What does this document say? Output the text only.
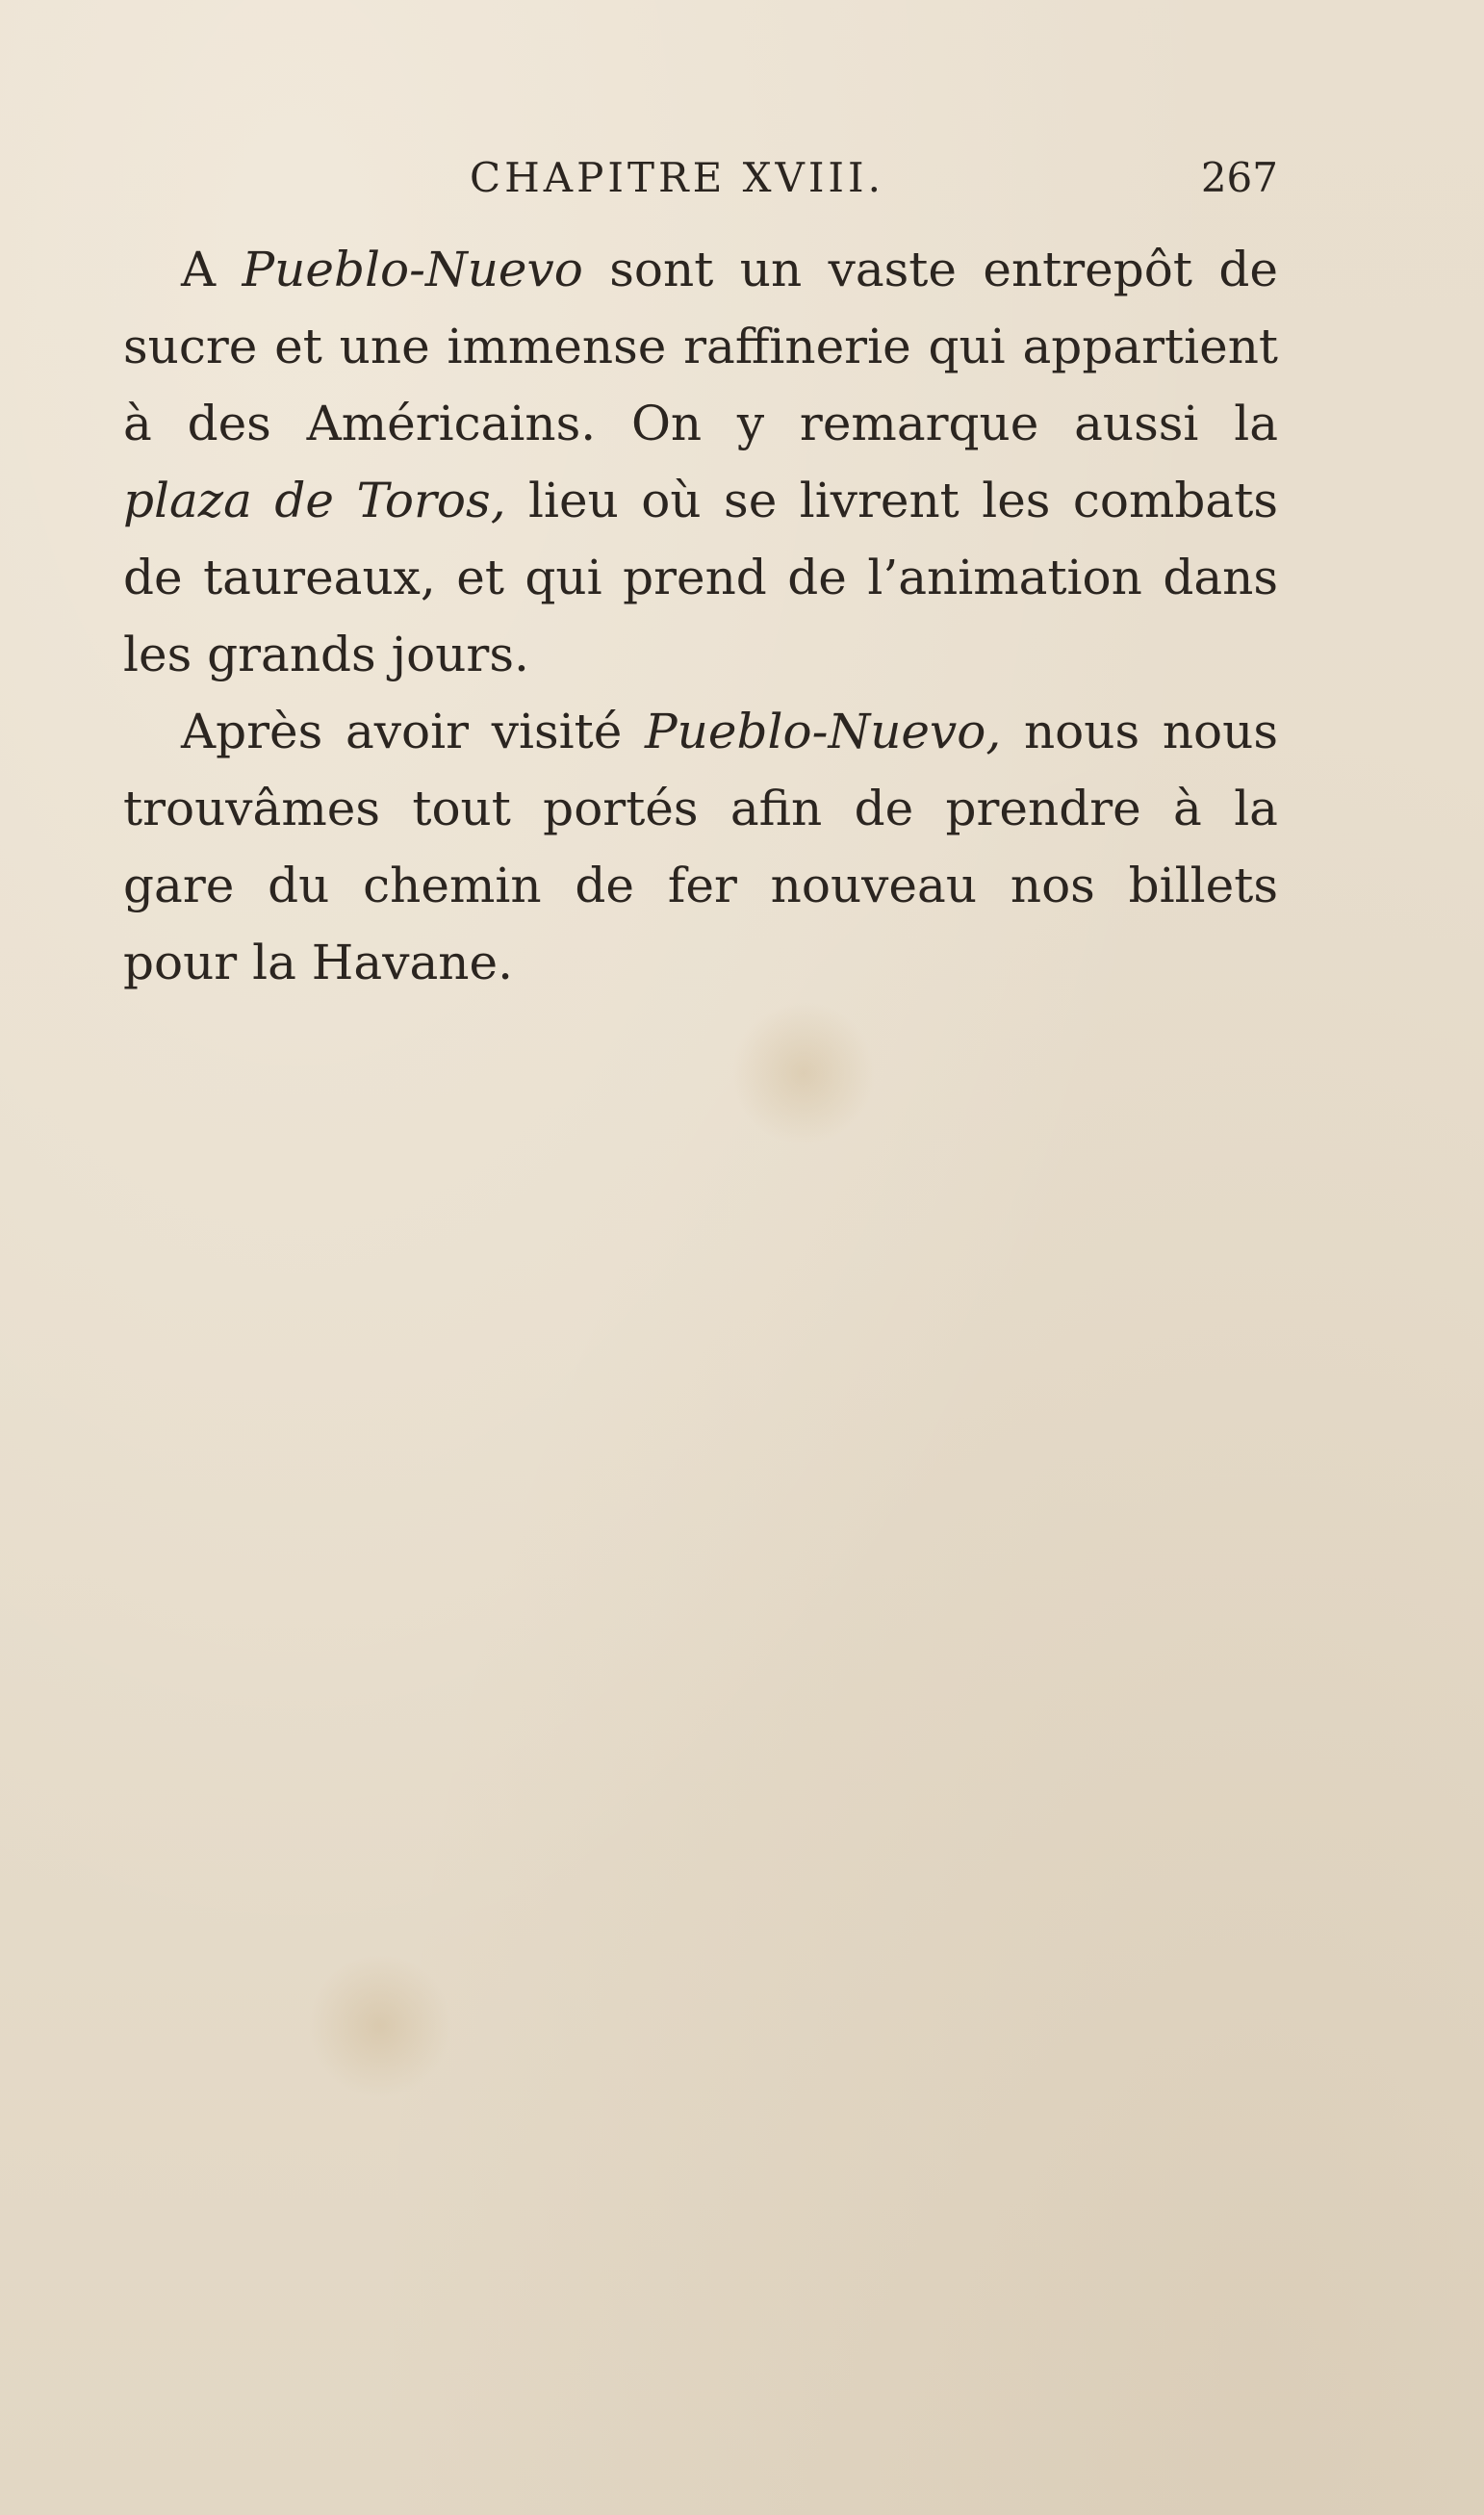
CHAPITRE XVIII.	267

A Pueblo-Nuevo sont un vaste entrepôt de sucre et une immense raffinerie qui appartient à des Américains. On y remarque aussi la plaza de Toros, lieu où se livrent les combats de taureaux, et qui prend de l’animation dans les grands jours.

Après avoir visité Pueblo-Nuevo, nous nous trouvâmes tout portés afin de prendre à la gare du chemin de fer nouveau nos billets pour la Havane.
